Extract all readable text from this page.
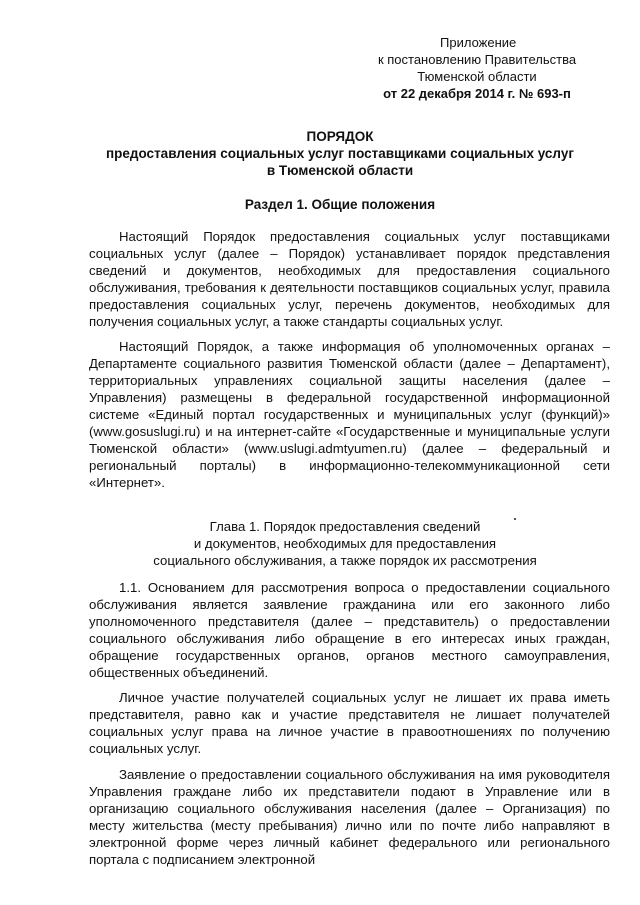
Приложение
к постановлению Правительства
Тюменской области
от 22 декабря 2014 г. № 693-п
ПОРЯДОК
предоставления социальных услуг поставщиками социальных услуг
в Тюменской области
Раздел 1. Общие положения

Настоящий Порядок предоставления социальных услуг поставщиками социальных услуг (далее – Порядок) устанавливает порядок представления сведений и документов, необходимых для предоставления социального обслуживания, требования к деятельности поставщиков социальных услуг, правила предоставления социальных услуг, перечень документов, необходимых для получения социальных услуг, а также стандарты социальных услуг.

Настоящий Порядок, а также информация об уполномоченных органах – Департаменте социального развития Тюменской области (далее – Департамент), территориальных управлениях социальной защиты населения (далее – Управления) размещены в федеральной государственной информационной системе «Единый портал государственных и муниципальных услуг (функций)» (www.gosuslugi.ru) и на интернет-сайте «Государственные и муниципальные услуги Тюменской области» (www.uslugi.admtyumen.ru) (далее – федеральный и региональный порталы) в информационно-телекоммуникационной сети «Интернет».

Глава 1. Порядок предоставления сведений
и документов, необходимых для предоставления
социального обслуживания, а также порядок их рассмотрения

1.1. Основанием для рассмотрения вопроса о предоставлении социального обслуживания является заявление гражданина или его законного либо уполномоченного представителя (далее – представитель) о предоставлении социального обслуживания либо обращение в его интересах иных граждан, обращение государственных органов, органов местного самоуправления, общественных объединений.

Личное участие получателей социальных услуг не лишает их права иметь представителя, равно как и участие представителя не лишает получателей социальных услуг права на личное участие в правоотношениях по получению социальных услуг.

Заявление о предоставлении социального обслуживания на имя руководителя Управления граждане либо их представители подают в Управление или в организацию социального обслуживания населения (далее – Организация) по месту жительства (месту пребывания) лично или по почте либо направляют в электронной форме через личный кабинет федерального или регионального портала с подписанием электронной
